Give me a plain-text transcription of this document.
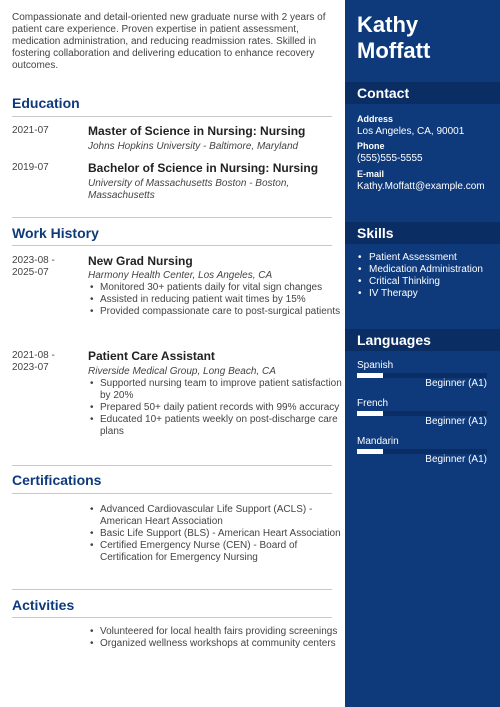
Compassionate and detail-oriented new graduate nurse with 2 years of patient care experience. Proven expertise in patient assessment, medication administration, and reducing readmission rates. Skilled in fostering collaboration and delivering education to enhance recovery outcomes.
Education
2021-07	Master of Science in Nursing: Nursing
Johns Hopkins University - Baltimore, Maryland
2019-07	Bachelor of Science in Nursing: Nursing
University of Massachusetts Boston - Boston, Massachusetts
Work History
2023-08 - 2025-07
New Grad Nursing
Harmony Health Center, Los Angeles, CA
• Monitored 30+ patients daily for vital sign changes
• Assisted in reducing patient wait times by 15%
• Provided compassionate care to post-surgical patients
2021-08 - 2023-07
Patient Care Assistant
Riverside Medical Group, Long Beach, CA
• Supported nursing team to improve patient satisfaction by 20%
• Prepared 50+ daily patient records with 99% accuracy
• Educated 10+ patients weekly on post-discharge care plans
Certifications
• Advanced Cardiovascular Life Support (ACLS) - American Heart Association
• Basic Life Support (BLS) - American Heart Association
• Certified Emergency Nurse (CEN) - Board of Certification for Emergency Nursing
Activities
• Volunteered for local health fairs providing screenings
• Organized wellness workshops at community centers
Kathy Moffatt
Contact
Address
Los Angeles, CA, 90001
Phone
(555)555-5555
E-mail
Kathy.Moffatt@example.com
Skills
• Patient Assessment
• Medication Administration
• Critical Thinking
• IV Therapy
Languages
Spanish
Beginner (A1)
French
Beginner (A1)
Mandarin
Beginner (A1)
